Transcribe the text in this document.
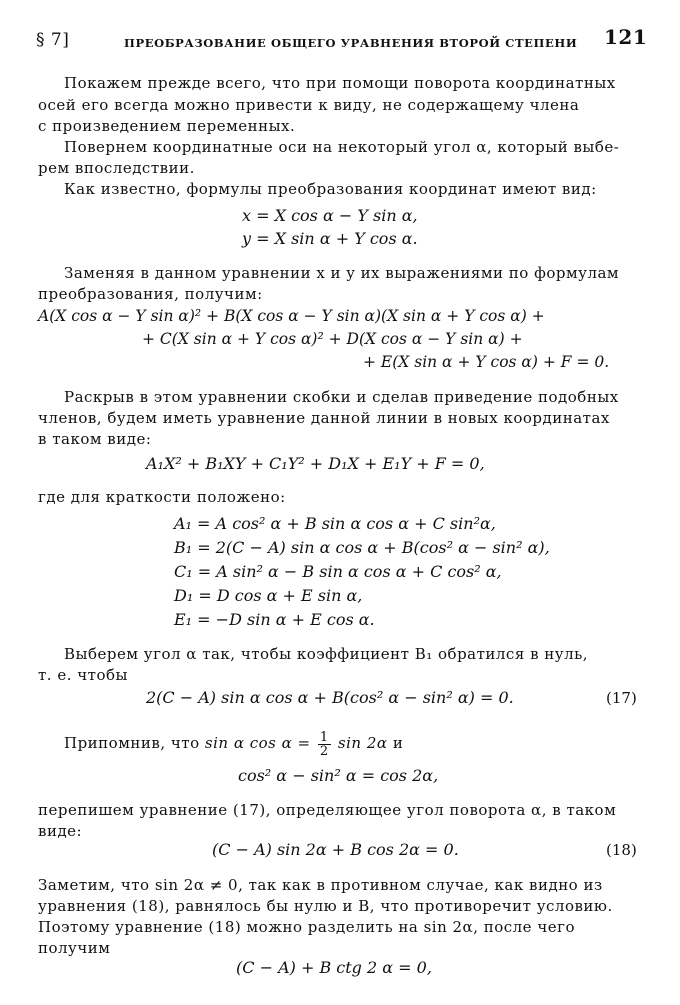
§ 7]	ПРЕОБРАЗОВАНИЕ ОБЩЕГО УРАВНЕНИЯ ВТОРОЙ СТЕПЕНИ 121
Покажем прежде всего, что при помощи поворота координатных
осей его всегда можно привести к виду, не содержащему члена
с произведением переменных.
Повернем координатные оси на некоторый угол α, который выбе-
рем впоследствии.
Как известно, формулы преобразования координат имеют вид:
x = X cos α − Y sin α,
y = X sin α + Y cos α.
Заменяя в данном уравнении x и y их выражениями по формулам
преобразования, получим:
A(X cos α − Y sin α)² + B(X cos α − Y sin α)(X sin α + Y cos α) +
+ C(X sin α + Y cos α)² + D(X cos α − Y sin α) +
+ E(X sin α + Y cos α) + F = 0.
Раскрыв в этом уравнении скобки и сделав приведение подобных
членов, будем иметь уравнение данной линии в новых координатах
в таком виде:
A₁X² + B₁XY + C₁Y² + D₁X + E₁Y + F = 0,
где для краткости положено:
A₁ = A cos² α + B sin α cos α + C sin²α,
B₁ = 2(C − A) sin α cos α + B(cos² α − sin² α),
C₁ = A sin² α − B sin α cos α + C cos² α,
D₁ = D cos α + E sin α,
E₁ = −D sin α + E cos α.
Выберем угол α так, чтобы коэффициент B₁ обратился в нуль,
т. е. чтобы
2(C − A) sin α cos α + B(cos² α − sin² α) = 0.	(17)
Припомнив, что sin α $\cos \alpha = \frac{1}{2}$ sin 2α и
cos² α − sin² α = cos 2α,
перепишем уравнение (17), определяющее угол поворота α, в таком
виде:
(C − A) sin 2α + B cos 2α = 0.	(18)
Заметим, что sin 2α ≠ 0, так как в противном случае, как видно из
уравнения (18), равнялось бы нулю и B, что противоречит условию.
Поэтому уравнение (18) можно разделить на sin 2α, после чего
получим
(C − A) + B ctg 2 α = 0,
